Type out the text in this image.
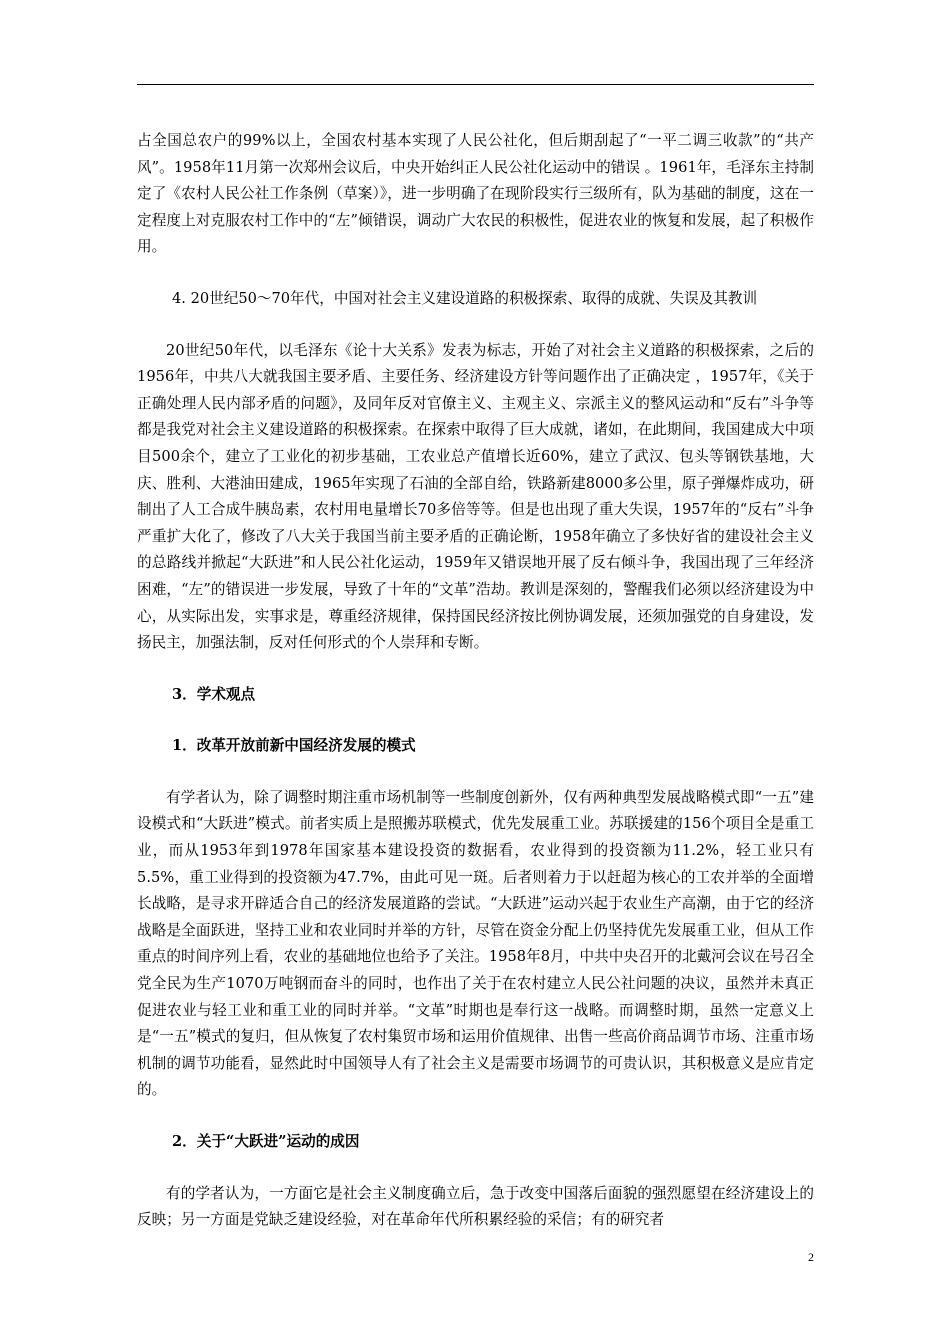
占全国总农户的99%以上，全国农村基本实现了人民公社化，但后期刮起了“一平二调三收款”的“共产风”。1958年11月第一次郑州会议后，中央开始纠正人民公社化运动中的错误 。1961年，毛泽东主持制定了《农村人民公社工作条例（草案）》，进一步明确了在现阶段实行三级所有，队为基础的制度，这在一定程度上对克服农村工作中的“左”倾错误，调动广大农民的积极性，促进农业的恢复和发展，起了积极作用。

4. 20世纪50～70年代，中国对社会主义建设道路的积极探索、取得的成就、失误及其教训

20世纪50年代，以毛泽东《论十大关系》发表为标志，开始了对社会主义道路的积极探索，之后的1956年，中共八大就我国主要矛盾、主要任务、经济建设方针等问题作出了正确决定 ，1957年，《关于正确处理人民内部矛盾的问题》，及同年反对官僚主义、主观主义、宗派主义的整风运动和“反右”斗争等都是我党对社会主义建设道路的积极探索。在探索中取得了巨大成就，诸如，在此期间，我国建成大中项目500余个，建立了工业化的初步基础，工农业总产值增长近60%，建立了武汉、包头等钢铁基地，大庆、胜利、大港油田建成，1965年实现了石油的全部自给，铁路新建8000多公里，原子弹爆炸成功，研制出了人工合成牛胰岛素，农村用电量增长70多倍等等。但是也出现了重大失误，1957年的“反右”斗争严重扩大化了，修改了八大关于我国当前主要矛盾的正确论断，1958年确立了多快好省的建设社会主义的总路线并掀起“大跃进”和人民公社化运动，1959年又错误地开展了反右倾斗争，我国出现了三年经济困难，“左”的错误进一步发展，导致了十年的“文革”浩劫。教训是深刻的，警醒我们必须以经济建设为中心，从实际出发，实事求是，尊重经济规律，保持国民经济按比例协调发展，还须加强党的自身建设，发扬民主，加强法制，反对任何形式的个人崇拜和专断。

3．学术观点

1．改革开放前新中国经济发展的模式

有学者认为，除了调整时期注重市场机制等一些制度创新外，仅有两种典型发展战略模式即“一五”建设模式和“大跃进”模式。前者实质上是照搬苏联模式，优先发展重工业。苏联援建的156个项目全是重工业，而从1953年到1978年国家基本建设投资的数据看，农业得到的投资额为11.2%，轻工业只有5.5%，重工业得到的投资额为47.7%，由此可见一斑。后者则着力于以赶超为核心的工农并举的全面增长战略，是寻求开辟适合自己的经济发展道路的尝试。“大跃进”运动兴起于农业生产高潮，由于它的经济战略是全面跃进，坚持工业和农业同时并举的方针，尽管在资金分配上仍坚持优先发展重工业，但从工作重点的时间序列上看，农业的基础地位也给予了关注。1958年8月，中共中央召开的北戴河会议在号召全党全民为生产1070万吨钢而奋斗的同时，也作出了关于在农村建立人民公社问题的决议，虽然并未真正促进农业与轻工业和重工业的同时并举。“文革”时期也是奉行这一战略。而调整时期，虽然一定意义上是“一五”模式的复归，但从恢复了农村集贸市场和运用价值规律、出售一些高价商品调节市场、注重市场机制的调节功能看，显然此时中国领导人有了社会主义是需要市场调节的可贵认识，其积极意义是应肯定的。

2．关于“大跃进”运动的成因

有的学者认为，一方面它是社会主义制度确立后，急于改变中国落后面貌的强烈愿望在经济建设上的反映；另一方面是党缺乏建设经验，对在革命年代所积累经验的采信；有的研究者

2
